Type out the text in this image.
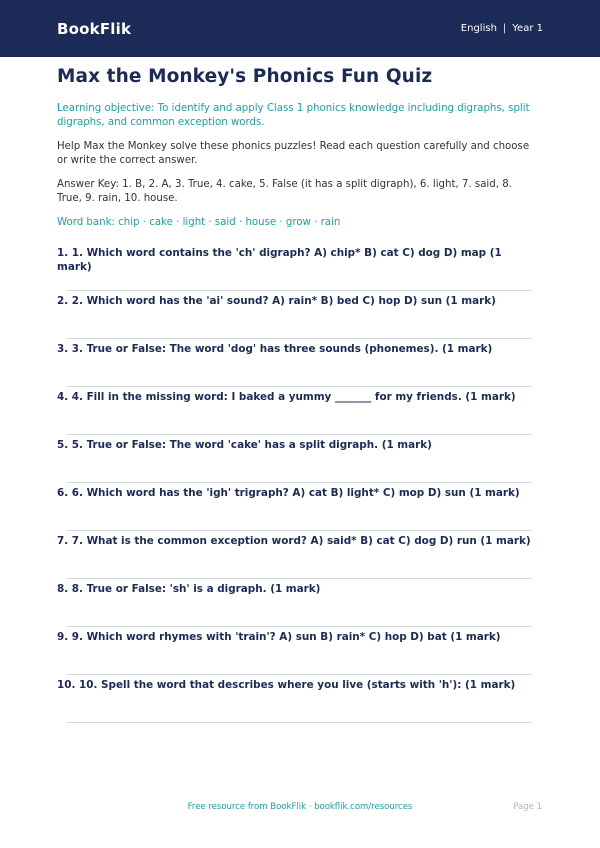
BookFlik	English | Year 1
Max the Monkey's Phonics Fun Quiz

Learning objective: To identify and apply Class 1 phonics knowledge including digraphs, split digraphs, and common exception words.

Help Max the Monkey solve these phonics puzzles! Read each question carefully and choose or write the correct answer.

Answer Key: 1. B, 2. A, 3. True, 4. cake, 5. False (it has a split digraph), 6. light, 7. said, 8. True, 9. rain, 10. house.

Word bank: chip · cake · light · said · house · grow · rain

1. 1. Which word contains the 'ch' digraph? A) chip* B) cat C) dog D) map (1 mark)
2. 2. Which word has the 'ai' sound? A) rain* B) bed C) hop D) sun (1 mark)
3. 3. True or False: The word 'dog' has three sounds (phonemes). (1 mark)
4. 4. Fill in the missing word: I baked a yummy _______ for my friends. (1 mark)
5. 5. True or False: The word 'cake' has a split digraph. (1 mark)
6. 6. Which word has the 'igh' trigraph? A) cat B) light* C) mop D) sun (1 mark)
7. 7. What is the common exception word? A) said* B) cat C) dog D) run (1 mark)
8. 8. True or False: 'sh' is a digraph. (1 mark)
9. 9. Which word rhymes with 'train'? A) sun B) rain* C) hop D) bat (1 mark)
10. 10. Spell the word that describes where you live (starts with 'h'): (1 mark)
Free resource from BookFlik · bookflik.com/resources	Page 1
